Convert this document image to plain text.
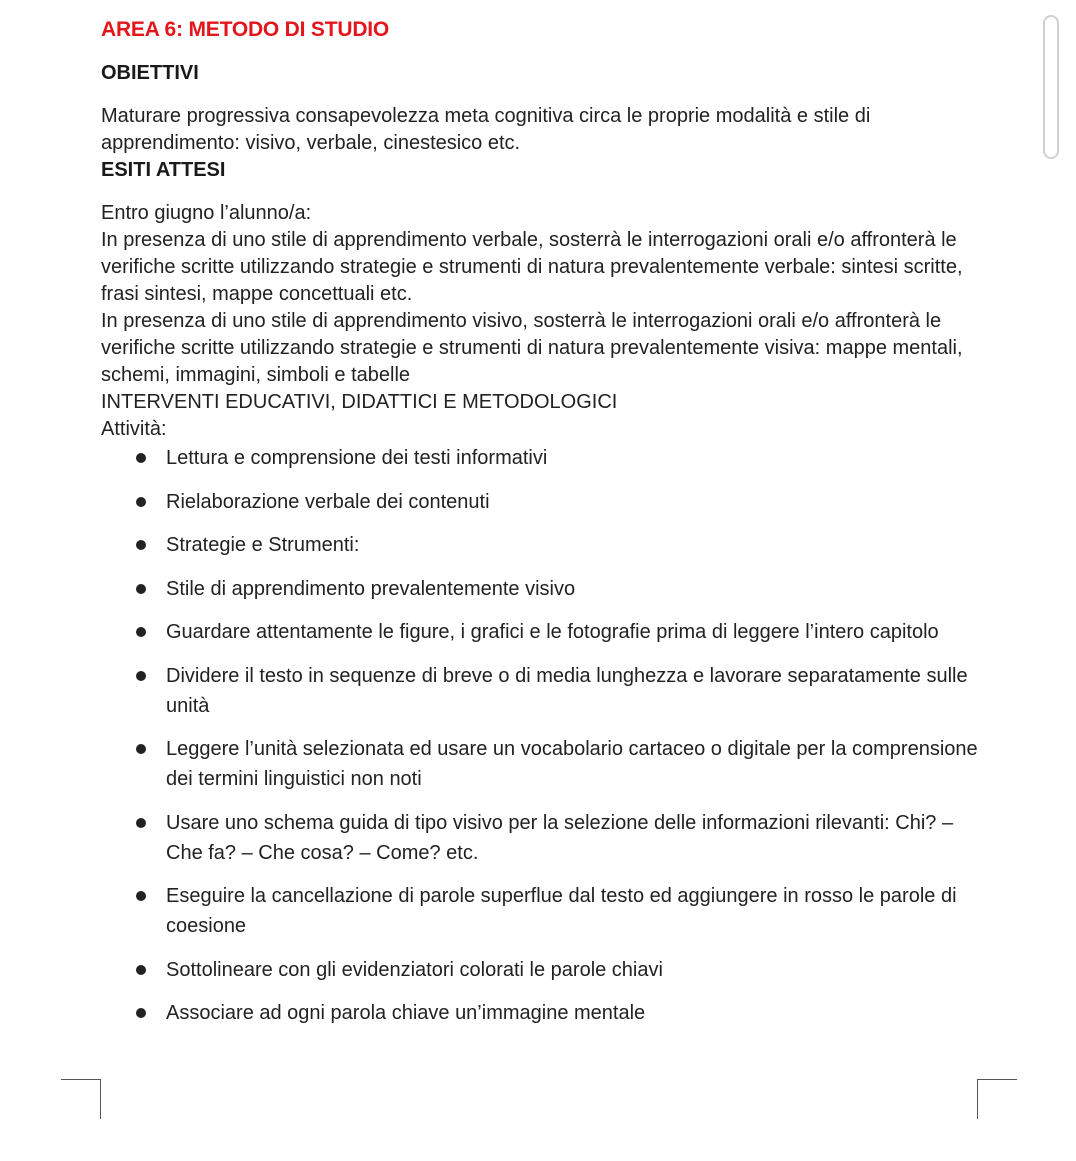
AREA 6: METODO DI STUDIO
OBIETTIVI

Maturare progressiva consapevolezza meta cognitiva circa le proprie modalità e stile di apprendimento: visivo, verbale, cinestesico etc.

ESITI ATTESI

Entro giugno l’alunno/a:

In presenza di uno stile di apprendimento verbale, sosterrà le interrogazioni orali e/o affronterà le verifiche scritte utilizzando strategie e strumenti di natura prevalentemente verbale: sintesi scritte, frasi sintesi, mappe concettuali etc.

In presenza di uno stile di apprendimento visivo, sosterrà le interrogazioni orali e/o affronterà le verifiche scritte utilizzando strategie e strumenti di natura prevalentemente visiva: mappe mentali, schemi, immagini, simboli e tabelle

INTERVENTI EDUCATIVI, DIDATTICI E METODOLOGICI

Attività:

Lettura e comprensione dei testi informativi
Rielaborazione verbale dei contenuti
Strategie e Strumenti:
Stile di apprendimento prevalentemente visivo
Guardare attentamente le figure, i grafici e le fotografie prima di leggere l’intero capitolo
Dividere il testo in sequenze di breve o di media lunghezza e lavorare separatamente sulle unità
Leggere l’unità selezionata ed usare un vocabolario cartaceo o digitale per la comprensione dei termini linguistici non noti
Usare uno schema guida di tipo visivo per la selezione delle informazioni rilevanti: Chi? – Che fa? – Che cosa? – Come? etc.
Eseguire la cancellazione di parole superflue dal testo ed aggiungere in rosso le parole di coesione
Sottolineare con gli evidenziatori colorati le parole chiavi
Associare ad ogni parola chiave un’immagine mentale
